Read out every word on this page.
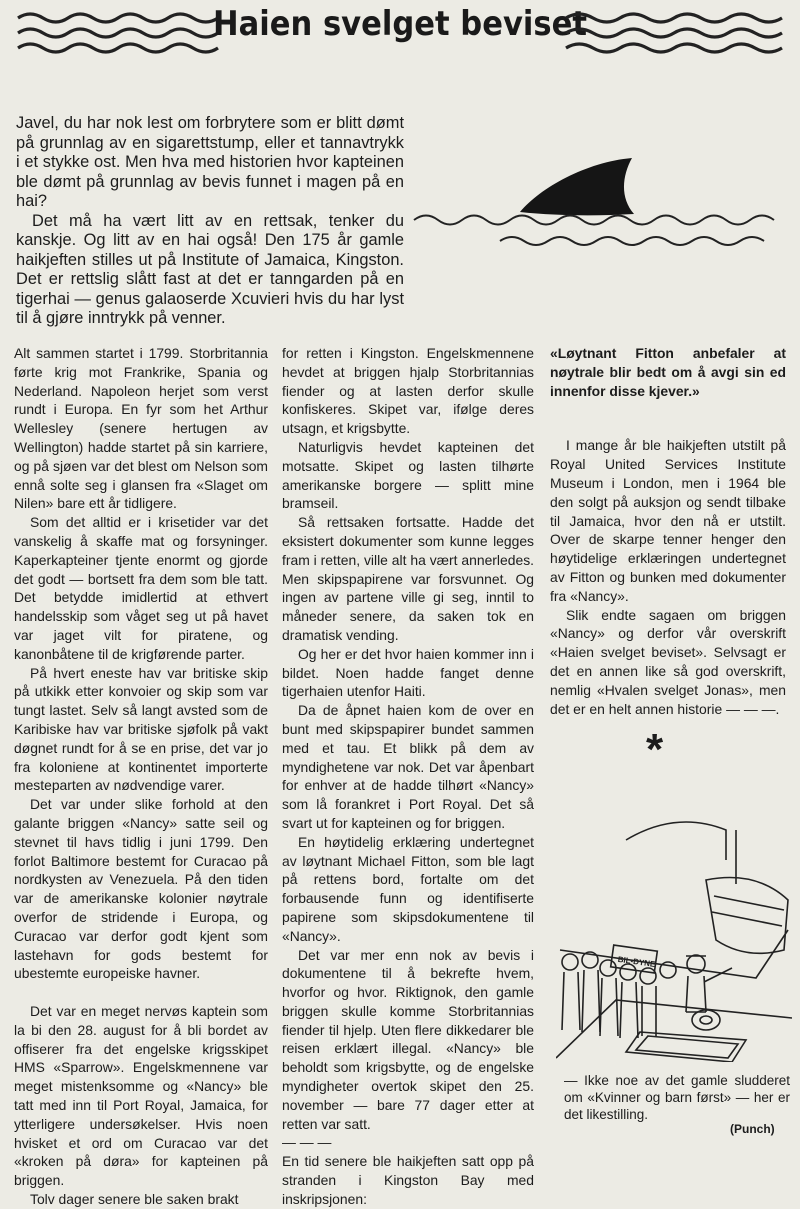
Haien svelget beviset

Javel, du har nok lest om forbrytere som er blitt dømt på grunnlag av en sigarettstump, eller et tannavtrykk i et stykke ost. Men hva med historien hvor kapteinen ble dømt på grunnlag av bevis funnet i magen på en hai?

Det må ha vært litt av en rettsak, tenker du kanskje. Og litt av en hai også! Den 175 år gamle haikjeften stilles ut på Institute of Jamaica, Kingston. Det er rettslig slått fast at det er tanngarden på en tigerhai — genus galaoserde Xcuvieri hvis du har lyst til å gjøre inntrykk på venner.

Alt sammen startet i 1799. Storbritannia førte krig mot Frankrike, Spania og Nederland. Napoleon herjet som verst rundt i Europa. En fyr som het Arthur Wellesley (senere hertugen av Wellington) hadde startet på sin karriere, og på sjøen var det blest om Nelson som ennå solte seg i glansen fra «Slaget om Nilen» bare ett år tidligere.

Som det alltid er i krisetider var det vanskelig å skaffe mat og forsyninger. Kaperkapteiner tjente enormt og gjorde det godt — bortsett fra dem som ble tatt. Det betydde imidlertid at ethvert handelsskip som våget seg ut på havet var jaget vilt for piratene, og kanonbåtene til de krigførende parter.

På hvert eneste hav var britiske skip på utkikk etter konvoier og skip som var tungt lastet. Selv så langt avsted som de Karibiske hav var britiske sjøfolk på vakt døgnet rundt for å se en prise, det var jo fra koloniene at kontinentet importerte mesteparten av nødvendige varer.

Det var under slike forhold at den galante briggen «Nancy» satte seil og stevnet til havs tidlig i juni 1799. Den forlot Baltimore bestemt for Curacao på nordkysten av Venezuela. På den tiden var de amerikanske kolonier nøytrale overfor de stridende i Europa, og Curacao var derfor godt kjent som lastehavn for gods bestemt for ubestemte europeiske havner.

Det var en meget nervøs kaptein som la bi den 28. august for å bli bordet av offiserer fra det engelske krigsskipet HMS «Sparrow». Engelskmennene var meget mistenksomme og «Nancy» ble tatt med inn til Port Royal, Jamaica, for ytterligere undersøkelser. Hvis noen hvisket et ord om Curacao var det «kroken på døra» for kapteinen på briggen.

Tolv dager senere ble saken brakt

for retten i Kingston. Engelskmennene hevdet at briggen hjalp Storbritannias fiender og at lasten derfor skulle konfiskeres. Skipet var, ifølge deres utsagn, et krigsbytte.

Naturligvis hevdet kapteinen det motsatte. Skipet og lasten tilhørte amerikanske borgere — splitt mine bramseil.

Så rettsaken fortsatte. Hadde det eksistert dokumenter som kunne legges fram i retten, ville alt ha vært annerledes. Men skipspapirene var forsvunnet. Og ingen av partene ville gi seg, inntil to måneder senere, da saken tok en dramatisk vending.

Og her er det hvor haien kommer inn i bildet. Noen hadde fanget denne tigerhaien utenfor Haiti.

Da de åpnet haien kom de over en bunt med skipspapirer bundet sammen med et tau. Et blikk på dem av myndighetene var nok. Det var åpenbart for enhver at de hadde tilhørt «Nancy» som lå forankret i Port Royal. Det så svart ut for kapteinen og for briggen.

En høytidelig erklæring undertegnet av løytnant Michael Fitton, som ble lagt på rettens bord, fortalte om det forbausende funn og identifiserte papirene som skipsdokumentene til «Nancy».

Det var mer enn nok av bevis i dokumentene til å bekrefte hvem, hvorfor og hvor. Riktignok, den gamle briggen skulle komme Storbritannias fiender til hjelp. Uten flere dikkedarer ble reisen erklært illegal. «Nancy» ble beholdt som krigsbytte, og de engelske myndigheter overtok skipet den 25. november — bare 77 dager etter at retten var satt.

— — —

En tid senere ble haikjeften satt opp på stranden i Kingston Bay med inskripsjonen:

«Løytnant Fitton anbefaler at nøytrale blir bedt om å avgi sin ed innenfor disse kjever.»

I mange år ble haikjeften utstilt på Royal United Services Institute Museum i London, men i 1964 ble den solgt på auksjon og sendt tilbake til Jamaica, hvor den nå er utstilt. Over de skarpe tenner henger den høytidelige erklæringen undertegnet av Fitton og bunken med dokumenter fra «Nancy».

Slik endte sagaen om briggen «Nancy» og derfor vår overskrift «Haien svelget beviset». Selvsagt er det en annen like så god overskrift, nemlig «Hvalen svelget Jonas», men det er en helt annen historie — — —.

*
BIL-DYNE
— Ikke noe av det gamle sludderet om «Kvinner og barn først» — her er det likestilling.
(Punch)
